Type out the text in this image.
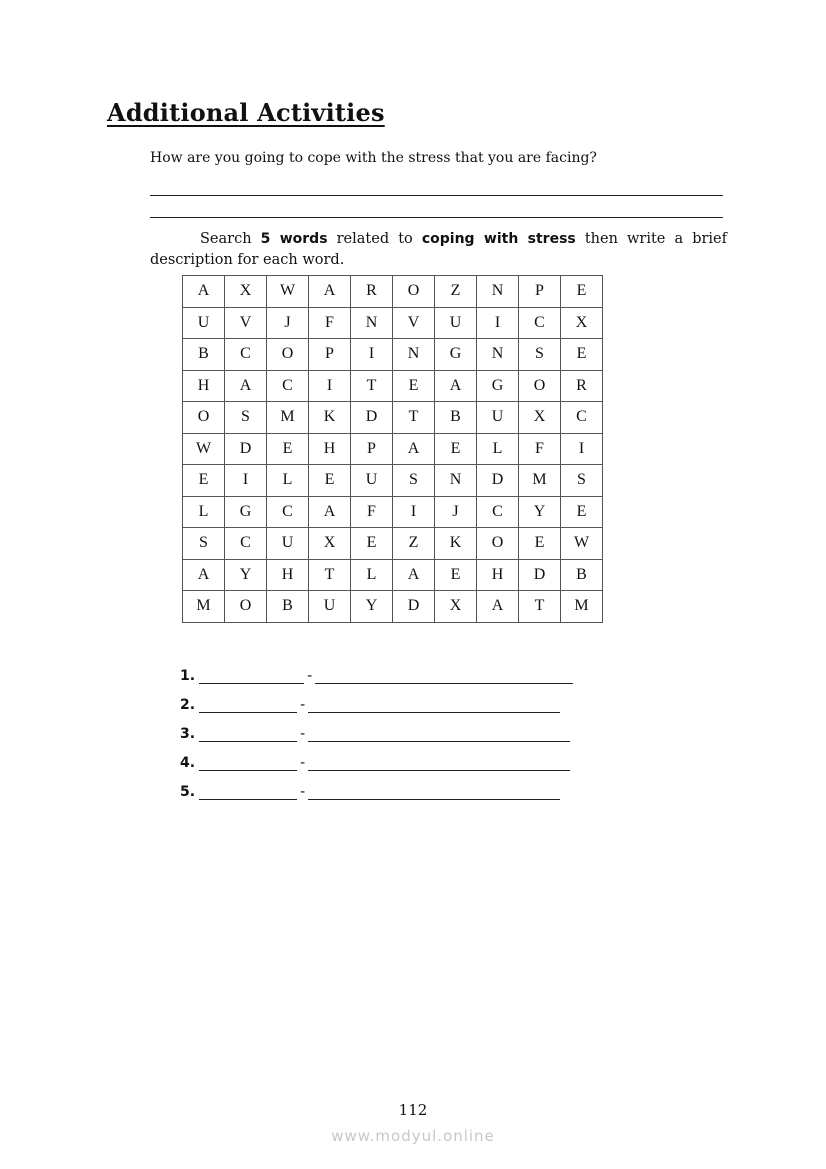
Additional Activities
How are you going to cope with the stress that you are facing?

Search 5 words related to coping with stress then write a brief description for each word.

A	X	W	A	R	O	Z	N	P	E
U	V	J	F	N	V	U	I	C	X
B	C	O	P	I	N	G	N	S	E
H	A	C	I	T	E	A	G	O	R
O	S	M	K	D	T	B	U	X	C
W	D	E	H	P	A	E	L	F	I
E	I	L	E	U	S	N	D	M	S
L	G	C	A	F	I	J	C	Y	E
S	C	U	X	E	Z	K	O	E	W
A	Y	H	T	L	A	E	H	D	B
M	O	B	U	Y	D	X	A	T	M
1.	-
2.	-
3.	-
4.	-
5.	-
112
www.modyul.online
